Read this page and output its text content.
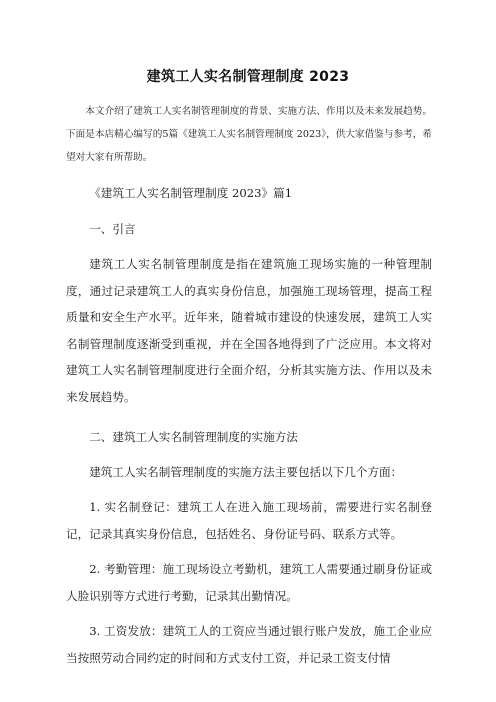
建筑工人实名制管理制度 2023

本文介绍了建筑工人实名制管理制度的背景、实施方法、作用以及未来发展趋势。下面是本店精心编写的5篇《建筑工人实名制管理制度 2023》，供大家借鉴与参考，希望对大家有所帮助。

《建筑工人实名制管理制度 2023》篇1

一、引言

建筑工人实名制管理制度是指在建筑施工现场实施的一种管理制度，通过记录建筑工人的真实身份信息，加强施工现场管理，提高工程质量和安全生产水平。近年来，随着城市建设的快速发展，建筑工人实名制管理制度逐渐受到重视，并在全国各地得到了广泛应用。本文将对建筑工人实名制管理制度进行全面介绍，分析其实施方法、作用以及未来发展趋势。

二、建筑工人实名制管理制度的实施方法

建筑工人实名制管理制度的实施方法主要包括以下几个方面：

1. 实名制登记：建筑工人在进入施工现场前，需要进行实名制登记，记录其真实身份信息，包括姓名、身份证号码、联系方式等。

2. 考勤管理：施工现场设立考勤机，建筑工人需要通过刷身份证或人脸识别等方式进行考勤，记录其出勤情况。

3. 工资发放：建筑工人的工资应当通过银行账户发放，施工企业应当按照劳动合同约定的时间和方式支付工资，并记录工资支付情
